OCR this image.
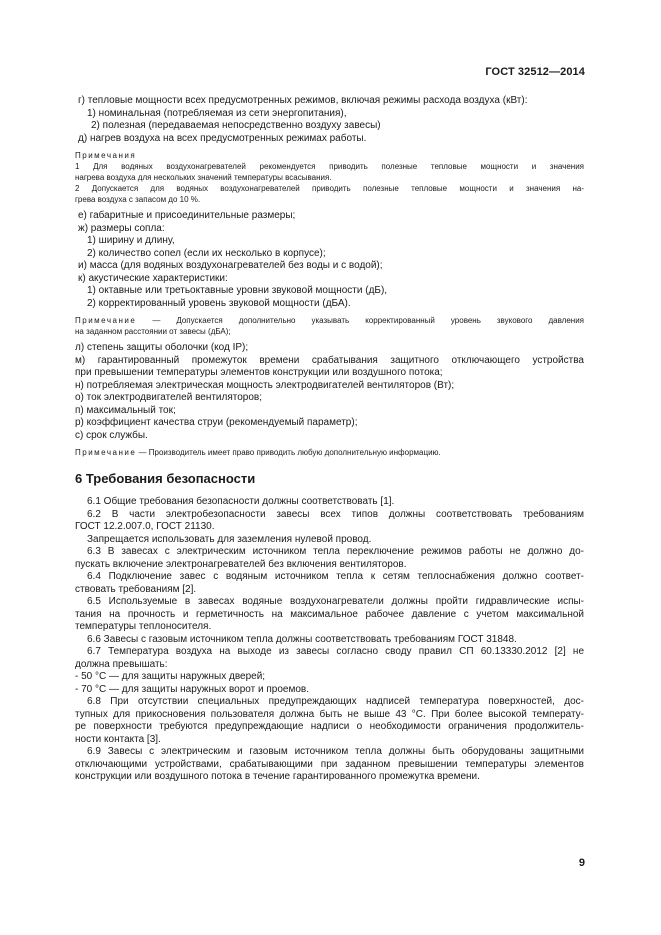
ГОСТ 32512—2014

г) тепловые мощности всех предусмотренных режимов, включая режимы расхода воздуха (кВт):

1) номинальная (потребляемая из сети энергопитания),

2) полезная (передаваемая непосредственно воздуху завесы)

д) нагрев воздуха на всех предусмотренных режимах работы.

Примечания

1 Для водяных воздухонагревателей рекомендуется приводить полезные тепловые мощности и значения

нагрева воздуха для нескольких значений температуры всасывания.

2 Допускается для водяных воздухонагревателей приводить полезные тепловые мощности и значения на-

грева воздуха с запасом до 10 %.

е) габаритные и присоединительные размеры;

ж) размеры сопла:

1) ширину и длину,

2) количество сопел (если их несколько в корпусе);

и) масса (для водяных воздухонагревателей без воды и с водой);

к) акустические характеристики:

1) октавные или третьоктавные уровни звуковой мощности (дБ),

2) корректированный уровень звуковой мощности (дБА).

Примечание — Допускается дополнительно указывать корректированный уровень звукового давления

на заданном расстоянии от завесы (дБА);

л) степень защиты оболочки (код IP);

м) гарантированный промежуток времени срабатывания защитного отключающего устройства

при превышении температуры элементов конструкции или воздушного потока;

н) потребляемая электрическая мощность электродвигателей вентиляторов (Вт);

о) ток электродвигателей вентиляторов;

п) максимальный ток;

р) коэффициент качества струи (рекомендуемый параметр);

с) срок службы.

Примечание — Производитель имеет право приводить любую дополнительную информацию.

6 Требования безопасности

6.1 Общие требования безопасности должны соответствовать [1].

6.2 В части электробезопасности завесы всех типов должны соответствовать требованиям

ГОСТ 12.2.007.0, ГОСТ 21130.

Запрещается использовать для заземления нулевой провод.

6.3 В завесах с электрическим источником тепла переключение режимов работы не должно до-

пускать включение электронагревателей без включения вентиляторов.

6.4 Подключение завес с водяным источником тепла к сетям теплоснабжения должно соответ-

ствовать требованиям [2].

6.5 Используемые в завесах водяные воздухонагреватели должны пройти гидравлические испы-

тания на прочность и герметичность на максимальное рабочее давление с учетом максимальной

температуры теплоносителя.

6.6 Завесы с газовым источником тепла должны соответствовать требованиям ГОСТ 31848.

6.7 Температура воздуха на выходе из завесы согласно своду правил СП 60.13330.2012 [2] не

должна превышать:

- 50 °С — для защиты наружных дверей;

- 70 °С — для защиты наружных ворот и проемов.

6.8 При отсутствии специальных предупреждающих надписей температура поверхностей, дос-

тупных для прикосновения пользователя должна быть не выше 43 °С. При более высокой температу-

ре поверхности требуются предупреждающие надписи о необходимости ограничения продолжитель-

ности контакта [3].

6.9 Завесы с электрическим и газовым источником тепла должны быть оборудованы защитными

отключающими устройствами, срабатывающими при заданном превышении температуры элементов

конструкции или воздушного потока в течение гарантированного промежутка времени.

9
